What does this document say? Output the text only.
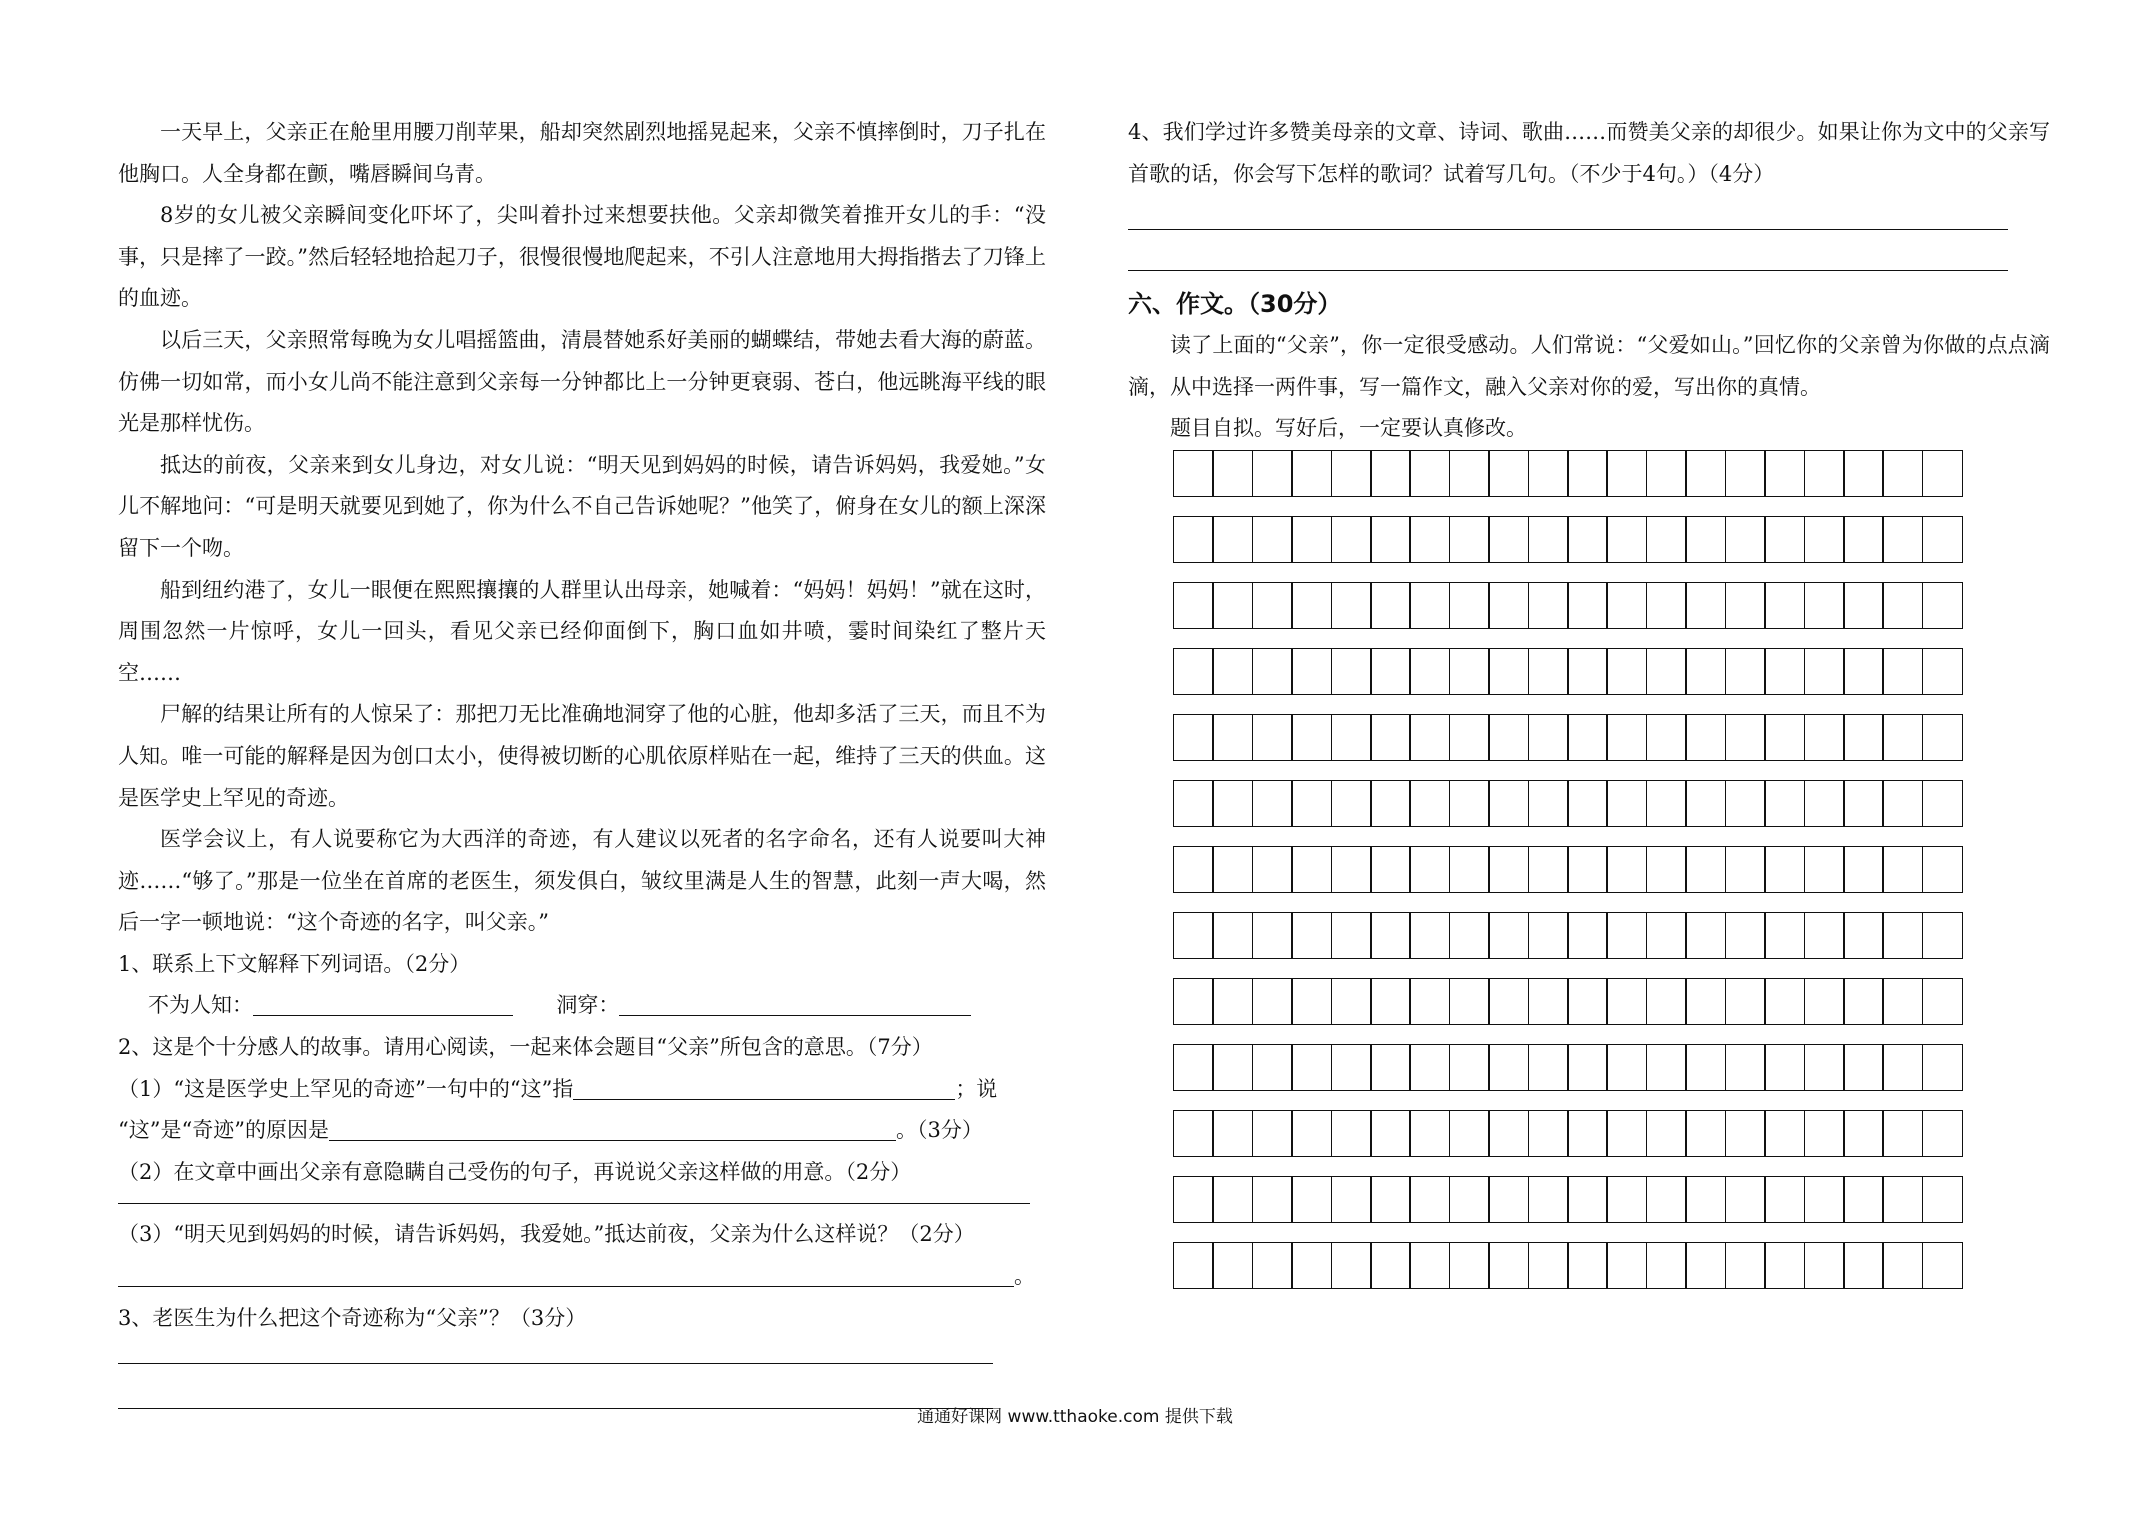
一天早上，父亲正在舱里用腰刀削苹果，船却突然剧烈地摇晃起来，父亲不慎摔倒时，刀子扎在他胸口。人全身都在颤，嘴唇瞬间乌青。

8岁的女儿被父亲瞬间变化吓坏了，尖叫着扑过来想要扶他。父亲却微笑着推开女儿的手：“没事，只是摔了一跤。”然后轻轻地拾起刀子，很慢很慢地爬起来，不引人注意地用大拇指揩去了刀锋上的血迹。

以后三天，父亲照常每晚为女儿唱摇篮曲，清晨替她系好美丽的蝴蝶结，带她去看大海的蔚蓝。仿佛一切如常，而小女儿尚不能注意到父亲每一分钟都比上一分钟更衰弱、苍白，他远眺海平线的眼光是那样忧伤。

抵达的前夜，父亲来到女儿身边，对女儿说：“明天见到妈妈的时候，请告诉妈妈，我爱她。”女儿不解地问：“可是明天就要见到她了，你为什么不自己告诉她呢？”他笑了，俯身在女儿的额上深深留下一个吻。

船到纽约港了，女儿一眼便在熙熙攘攘的人群里认出母亲，她喊着：“妈妈！妈妈！”就在这时，周围忽然一片惊呼，女儿一回头，看见父亲已经仰面倒下，胸口血如井喷，霎时间染红了整片天空……

尸解的结果让所有的人惊呆了：那把刀无比准确地洞穿了他的心脏，他却多活了三天，而且不为人知。唯一可能的解释是因为创口太小，使得被切断的心肌依原样贴在一起，维持了三天的供血。这是医学史上罕见的奇迹。

医学会议上，有人说要称它为大西洋的奇迹，有人建议以死者的名字命名，还有人说要叫大神迹……“够了。”那是一位坐在首席的老医生，须发俱白，皱纹里满是人生的智慧，此刻一声大喝，然后一字一顿地说：“这个奇迹的名字，叫父亲。”

1、联系上下文解释下列词语。（2分）

不为人知：	洞穿：

2、这是个十分感人的故事。请用心阅读，一起来体会题目“父亲”所包含的意思。（7分）

（1）“这是医学史上罕见的奇迹”一句中的“这”指	；说

“这”是“奇迹”的原因是	。（3分）

（2）在文章中画出父亲有意隐瞒自己受伤的句子，再说说父亲这样做的用意。（2分）

（3）“明天见到妈妈的时候，请告诉妈妈，我爱她。”抵达前夜，父亲为什么这样说？（2分）

。

3、老医生为什么把这个奇迹称为“父亲”？（3分）

4、我们学过许多赞美母亲的文章、诗词、歌曲……而赞美父亲的却很少。如果让你为文中的父亲写首歌的话，你会写下怎样的歌词？试着写几句。（不少于4句。）（4分）

六、作文。（30分）

读了上面的“父亲”，你一定很受感动。人们常说：“父爱如山。”回忆你的父亲曾为你做的点点滴滴，从中选择一两件事，写一篇作文，融入父亲对你的爱，写出你的真情。

题目自拟。写好后，一定要认真修改。

通通好课网 www.tthaoke.com 提供下载
